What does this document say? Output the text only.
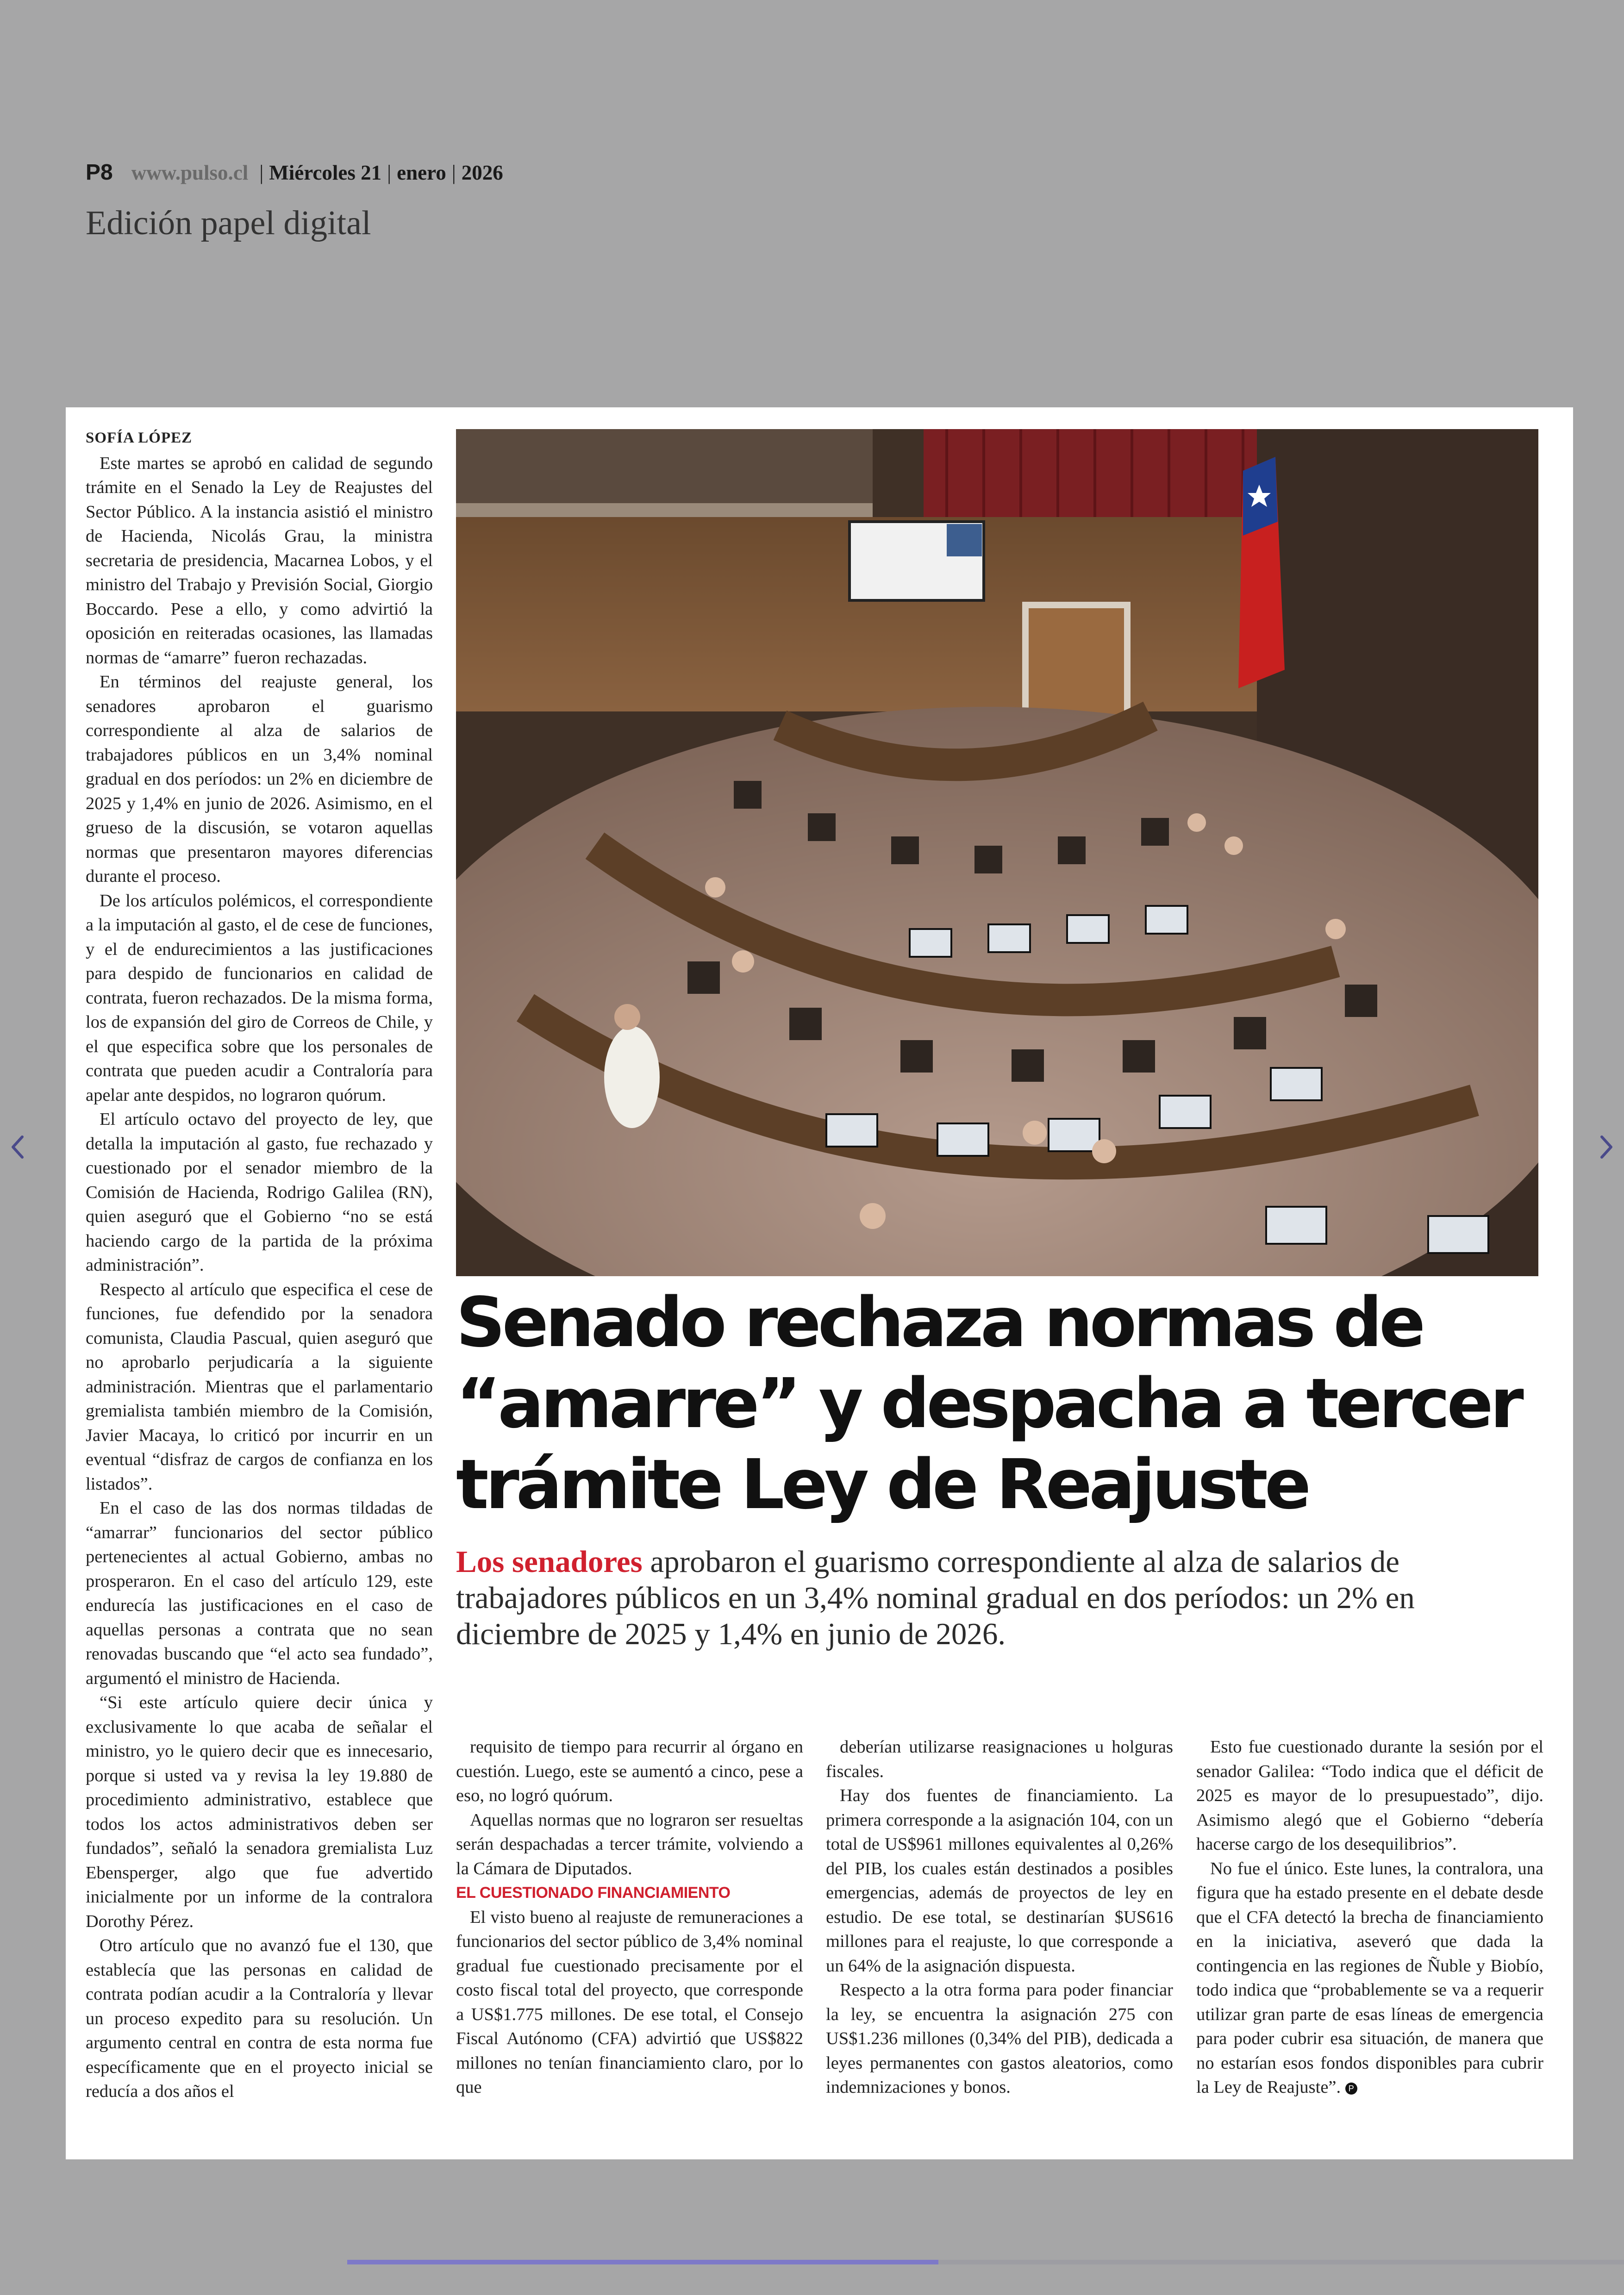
P8 www.pulso.cl | Miércoles 21 | enero | 2026
Edición papel digital
SOFÍA LÓPEZ

Este martes se aprobó en calidad de segundo trámite en el Senado la Ley de Reajustes del Sector Público. A la instancia asistió el ministro de Hacienda, Nicolás Grau, la ministra secretaria de presidencia, Macarnea Lobos, y el ministro del Trabajo y Previsión Social, Giorgio Boccardo. Pese a ello, y como advirtió la oposición en reiteradas ocasiones, las llamadas normas de “amarre” fueron rechazadas.

En términos del reajuste general, los senadores aprobaron el guarismo correspondiente al alza de salarios de trabajadores públicos en un 3,4% nominal gradual en dos períodos: un 2% en diciembre de 2025 y 1,4% en junio de 2026. Asimismo, en el grueso de la discusión, se votaron aquellas normas que presentaron mayores diferencias durante el proceso.

De los artículos polémicos, el correspondiente a la imputación al gasto, el de cese de funciones, y el de endurecimientos a las justificaciones para despido de funcionarios en calidad de contrata, fueron rechazados. De la misma forma, los de expansión del giro de Correos de Chile, y el que especifica sobre que los personales de contrata que pueden acudir a Contraloría para apelar ante despidos, no lograron quórum.

El artículo octavo del proyecto de ley, que detalla la imputación al gasto, fue rechazado y cuestionado por el senador miembro de la Comisión de Hacienda, Rodrigo Galilea (RN), quien aseguró que el Gobierno “no se está haciendo cargo de la partida de la próxima administración”.

Respecto al artículo que especifica el cese de funciones, fue defendido por la senadora comunista, Claudia Pascual, quien aseguró que no aprobarlo perjudicaría a la siguiente administración. Mientras que el parlamentario gremialista también miembro de la Comisión, Javier Macaya, lo criticó por incurrir en un eventual “disfraz de cargos de confianza en los listados”.

En el caso de las dos normas tildadas de “amarrar” funcionarios del sector público pertenecientes al actual Gobierno, ambas no prosperaron. En el caso del artículo 129, este endurecía las justificaciones en el caso de aquellas personas a contrata que no sean renovadas buscando que “el acto sea fundado”, argumentó el ministro de Hacienda.

“Si este artículo quiere decir única y exclusivamente lo que acaba de señalar el ministro, yo le quiero decir que es innecesario, porque si usted va y revisa la ley 19.880 de procedimiento administrativo, establece que todos los actos administrativos deben ser fundados”, señaló la senadora gremialista Luz Ebensperger, algo que fue advertido inicialmente por un informe de la contralora Dorothy Pérez.

Otro artículo que no avanzó fue el 130, que establecía que las personas en calidad de contrata podían acudir a la Contraloría y llevar un proceso expedito para su resolución. Un argumento central en contra de esta norma fue específicamente que en el proyecto inicial se reducía a dos años el

Senado rechaza normas de “amarre” y despacha a tercer trámite Ley de Reajuste
Los senadores aprobaron el guarismo correspondiente al alza de salarios de trabajadores públicos en un 3,4% nominal gradual en dos períodos: un 2% en diciembre de 2025 y 1,4% en junio de 2026.

requisito de tiempo para recurrir al órgano en cuestión. Luego, este se aumentó a cinco, pese a eso, no logró quórum.

Aquellas normas que no lograron ser resueltas serán despachadas a tercer trámite, volviendo a la Cámara de Diputados.

EL CUESTIONADO FINANCIAMIENTO

El visto bueno al reajuste de remuneraciones a funcionarios del sector público de 3,4% nominal gradual fue cuestionado precisamente por el costo fiscal total del proyecto, que corresponde a US$1.775 millones. De ese total, el Consejo Fiscal Autónomo (CFA) advirtió que US$822 millones no tenían financiamiento claro, por lo que

deberían utilizarse reasignaciones u holguras fiscales.

Hay dos fuentes de financiamiento. La primera corresponde a la asignación 104, con un total de US$961 millones equivalentes al 0,26% del PIB, los cuales están destinados a posibles emergencias, además de proyectos de ley en estudio. De ese total, se destinarían $US616 millones para el reajuste, lo que corresponde a un 64% de la asignación dispuesta.

Respecto a la otra forma para poder financiar la ley, se encuentra la asignación 275 con US$1.236 millones (0,34% del PIB), dedicada a leyes permanentes con gastos aleatorios, como indemnizaciones y bonos.

Esto fue cuestionado durante la sesión por el senador Galilea: “Todo indica que el déficit de 2025 es mayor de lo presupuestado”, dijo. Asimismo alegó que el Gobierno “debería hacerse cargo de los desequilibrios”.

No fue el único. Este lunes, la contralora, una figura que ha estado presente en el debate desde que el CFA detectó la brecha de financiamiento en la iniciativa, aseveró que dada la contingencia en las regiones de Ñuble y Biobío, todo indica que “probablemente se va a requerir utilizar gran parte de esas líneas de emergencia para poder cubrir esa situación, de manera que no estarían esos fondos disponibles para cubrir la Ley de Reajuste”. P
